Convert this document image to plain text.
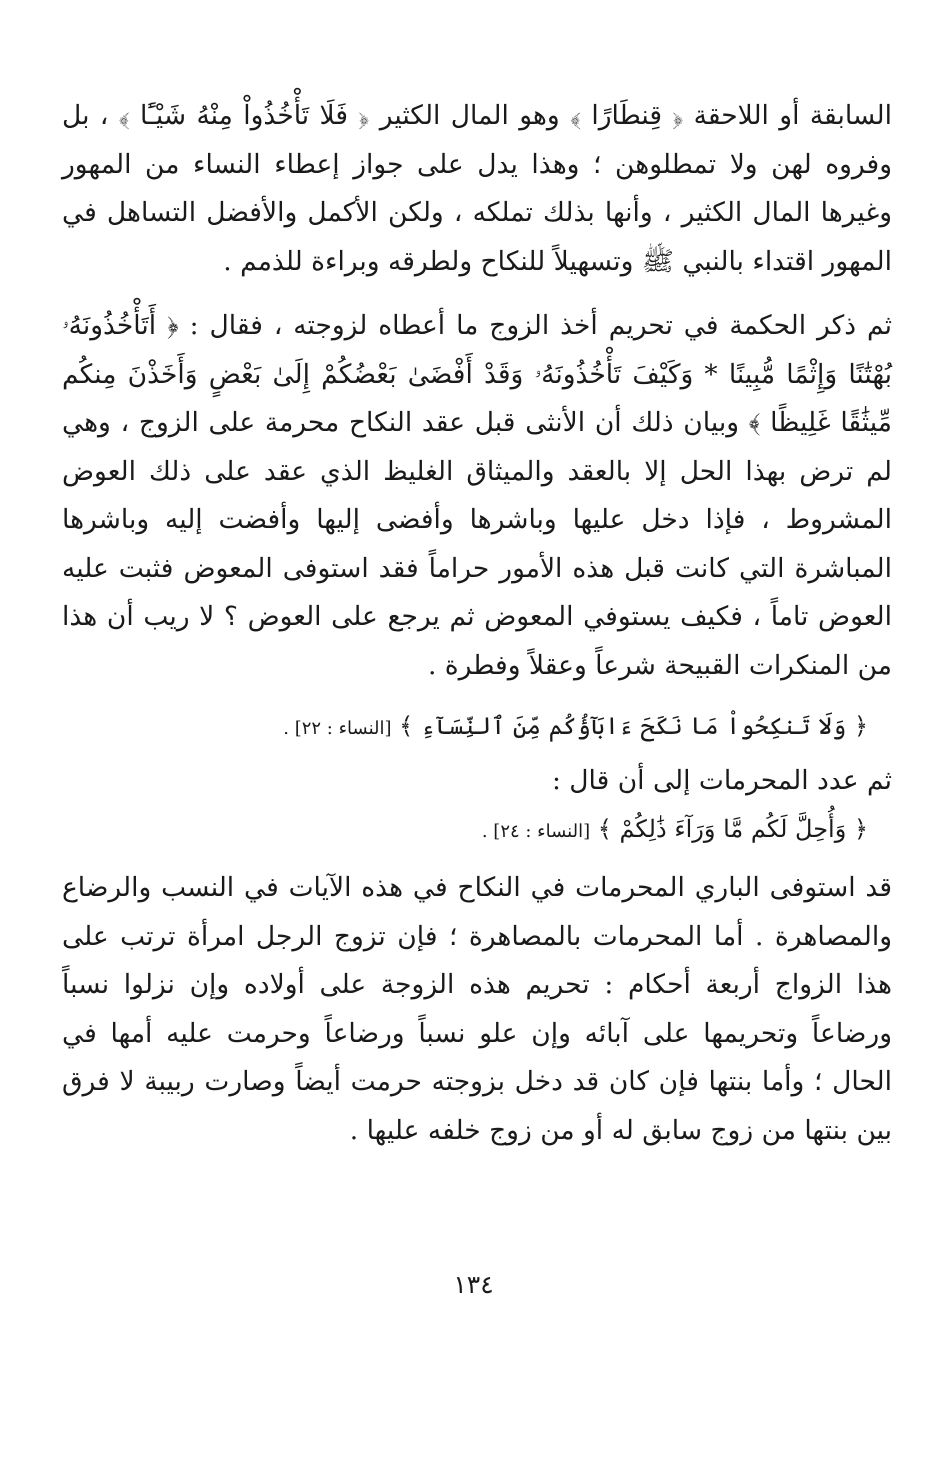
السابقة أو اللاحقة ﴿ قِنطَارًا ﴾ وهو المال الكثير ﴿ فَلَا تَأْخُذُواْ مِنْهُ شَيْـًٔا ﴾ ، بل وفروه لهن ولا تمطلوهن ؛ وهذا يدل على جواز إعطاء النساء من المهور وغيرها المال الكثير ، وأنها بذلك تملكه ، ولكن الأكمل والأفضل التساهل في المهور اقتداء بالنبي ﷺ وتسهيلاً للنكاح ولطرقه وبراءة للذمم .

ثم ذكر الحكمة في تحريم أخذ الزوج ما أعطاه لزوجته ، فقال : ﴿ أَتَأْخُذُونَهُۥ بُهْتَٰنًا وَإِثْمًا مُّبِينًا * وَكَيْفَ تَأْخُذُونَهُۥ وَقَدْ أَفْضَىٰ بَعْضُكُمْ إِلَىٰ بَعْضٍ وَأَخَذْنَ مِنكُم مِّيثَٰقًا غَلِيظًا ﴾ وبيان ذلك أن الأنثى قبل عقد النكاح محرمة على الزوج ، وهي لم ترض بهذا الحل إلا بالعقد والميثاق الغليظ الذي عقد على ذلك العوض المشروط ، فإذا دخل عليها وباشرها وأفضى إليها وأفضت إليه وباشرها المباشرة التي كانت قبل هذه الأمور حراماً فقد استوفى المعوض فثبت عليه العوض تاماً ، فكيف يستوفي المعوض ثم يرجع على العوض ؟ لا ريب أن هذا من المنكرات القبيحة شرعاً وعقلاً وفطرة .

﴿ وَلَا تَنكِحُواْ مَا نَكَحَ ءَابَآؤُكُم مِّنَ ٱلنِّسَآءِ ﴾ [النساء : ٢٢] .

ثم عدد المحرمات إلى أن قال :

﴿ وَأُحِلَّ لَكُم مَّا وَرَآءَ ذَٰلِكُمْ ﴾ [النساء : ٢٤] .

قد استوفى الباري المحرمات في النكاح في هذه الآيات في النسب والرضاع والمصاهرة . أما المحرمات بالمصاهرة ؛ فإن تزوج الرجل امرأة ترتب على هذا الزواج أربعة أحكام : تحريم هذه الزوجة على أولاده وإن نزلوا نسباً ورضاعاً وتحريمها على آبائه وإن علو نسباً ورضاعاً وحرمت عليه أمها في الحال ؛ وأما بنتها فإن كان قد دخل بزوجته حرمت أيضاً وصارت ربيبة لا فرق بين بنتها من زوج سابق له أو من زوج خلفه عليها .

١٣٤
